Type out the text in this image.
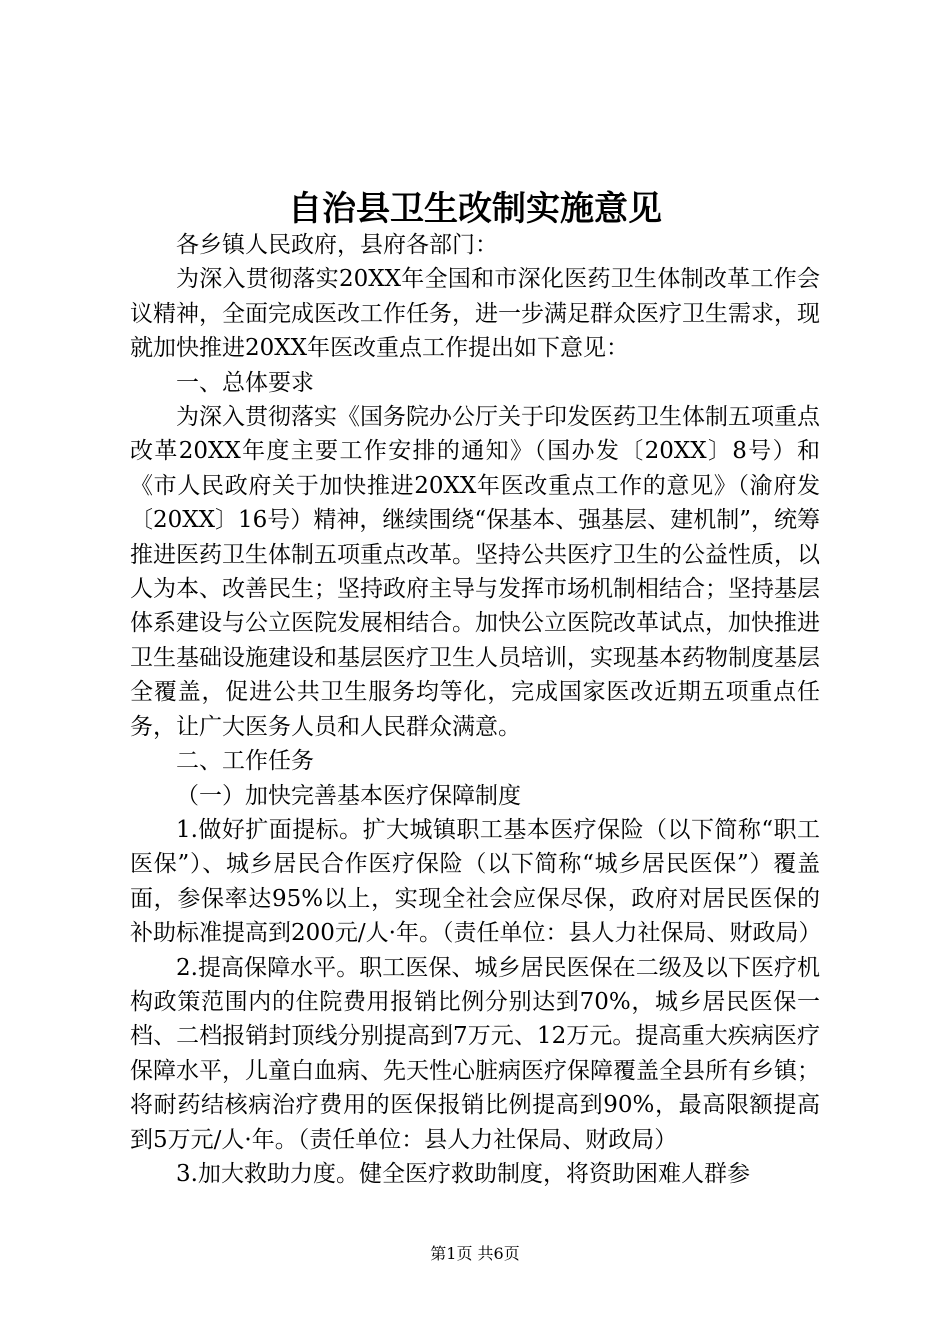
自治县卫生改制实施意见

各乡镇人民政府，县府各部门：

为深入贯彻落实20XX年全国和市深化医药卫生体制改革工作会议精神，全面完成医改工作任务，进一步满足群众医疗卫生需求，现就加快推进20XX年医改重点工作提出如下意见：

一、总体要求

为深入贯彻落实《国务院办公厅关于印发医药卫生体制五项重点改革20XX年度主要工作安排的通知》（国办发〔20XX〕8号）和《市人民政府关于加快推进20XX年医改重点工作的意见》（渝府发〔20XX〕16号）精神，继续围绕“保基本、强基层、建机制”，统筹推进医药卫生体制五项重点改革。坚持公共医疗卫生的公益性质，以人为本、改善民生；坚持政府主导与发挥市场机制相结合；坚持基层体系建设与公立医院发展相结合。加快公立医院改革试点，加快推进卫生基础设施建设和基层医疗卫生人员培训，实现基本药物制度基层全覆盖，促进公共卫生服务均等化，完成国家医改近期五项重点任务，让广大医务人员和人民群众满意。

二、工作任务

（一）加快完善基本医疗保障制度

1.做好扩面提标。扩大城镇职工基本医疗保险（以下简称“职工医保”）、城乡居民合作医疗保险（以下简称“城乡居民医保”）覆盖面，参保率达95%以上，实现全社会应保尽保，政府对居民医保的补助标准提高到200元/人·年。（责任单位：县人力社保局、财政局）

2.提高保障水平。职工医保、城乡居民医保在二级及以下医疗机构政策范围内的住院费用报销比例分别达到70%，城乡居民医保一档、二档报销封顶线分别提高到7万元、12万元。提高重大疾病医疗保障水平，儿童白血病、先天性心脏病医疗保障覆盖全县所有乡镇；将耐药结核病治疗费用的医保报销比例提高到90%，最高限额提高到5万元/人·年。（责任单位：县人力社保局、财政局）

3.加大救助力度。健全医疗救助制度，将资助困难人群参

第1页 共6页
